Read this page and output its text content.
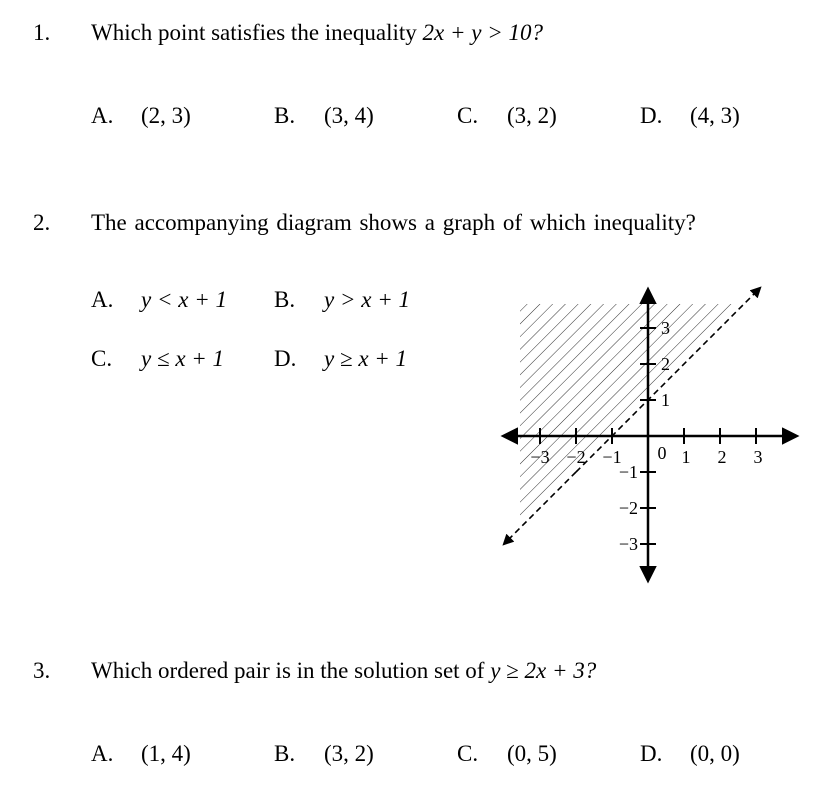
1. Which point satisfies the inequality 2x + y > 10?
A. (2, 3)	B. (3, 4)	C. (3, 2)	D. (4, 3)
2. The accompanying diagram shows a graph of which inequality?
A. y < x + 1 B. y > x + 1
C. y ≤ x + 1 D. y ≥ x + 1
−3 −2 −1 0 1 2 3
3
2
1
−1
−2
−3
3. Which ordered pair is in the solution set of y ≥ 2x + 3?
A. (1, 4)	B. (3, 2)	C. (0, 5)	D. (0, 0)
